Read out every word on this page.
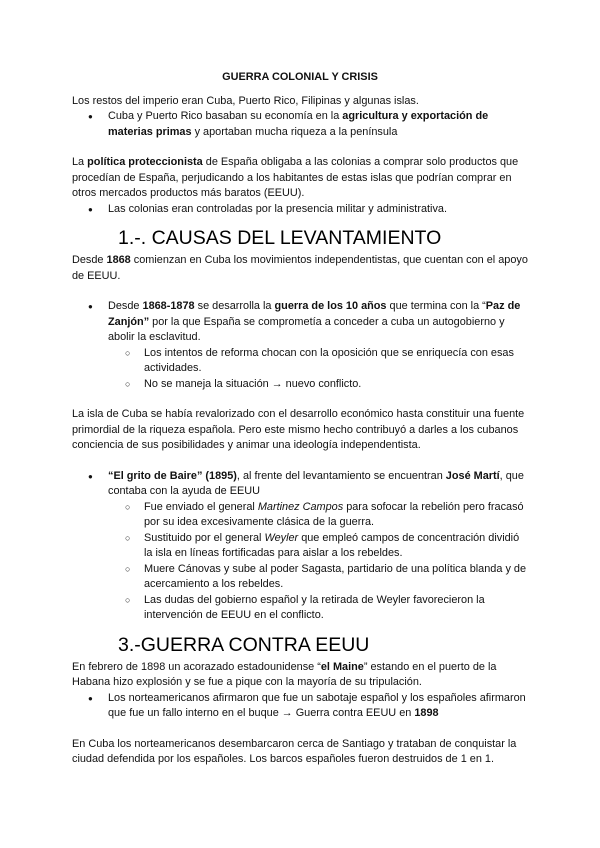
GUERRA COLONIAL Y CRISIS

Los restos del imperio eran Cuba, Puerto Rico, Filipinas y algunas islas.

● Cuba y Puerto Rico basaban su economía en la agricultura y exportación de materias primas y aportaban mucha riqueza a la península

La política proteccionista de España obligaba a las colonias a comprar solo productos que procedían de España, perjudicando a los habitantes de estas islas que podrían comprar en otros mercados productos más baratos (EEUU).

● Las colonias eran controladas por la presencia militar y administrativa.
1.-. CAUSAS DEL LEVANTAMIENTO

Desde 1868 comienzan en Cuba los movimientos independentistas, que cuentan con el apoyo de EEUU.

● Desde 1868-1878 se desarrolla la guerra de los 10 años que termina con la “Paz de Zanjón” por la que España se comprometía a conceder a cuba un autogobierno y abolir la esclavitud.
○ Los intentos de reforma chocan con la oposición que se enriquecía con esas actividades.
○ No se maneja la situación → nuevo conflicto.

La isla de Cuba se había revalorizado con el desarrollo económico hasta constituir una fuente primordial de la riqueza española. Pero este mismo hecho contribuyó a darles a los cubanos conciencia de sus posibilidades y animar una ideología independentista.

● “El grito de Baire” (1895), al frente del levantamiento se encuentran José Martí, que contaba con la ayuda de EEUU
○ Fue enviado el general Martinez Campos para sofocar la rebelión pero fracasó por su idea excesivamente clásica de la guerra.
○ Sustituido por el general Weyler que empleó campos de concentración dividió la isla en líneas fortificadas para aislar a los rebeldes.
○ Muere Cánovas y sube al poder Sagasta, partidario de una política blanda y de acercamiento a los rebeldes.
○ Las dudas del gobierno español y la retirada de Weyler favorecieron la intervención de EEUU en el conflicto.
3.-GUERRA CONTRA EEUU

En febrero de 1898 un acorazado estadounidense “el Maine” estando en el puerto de la Habana hizo explosión y se fue a pique con la mayoría de su tripulación.

● Los norteamericanos afirmaron que fue un sabotaje español y los españoles afirmaron que fue un fallo interno en el buque → Guerra contra EEUU en 1898

En Cuba los norteamericanos desembarcaron cerca de Santiago y trataban de conquistar la ciudad defendida por los españoles. Los barcos españoles fueron destruidos de 1 en 1.
